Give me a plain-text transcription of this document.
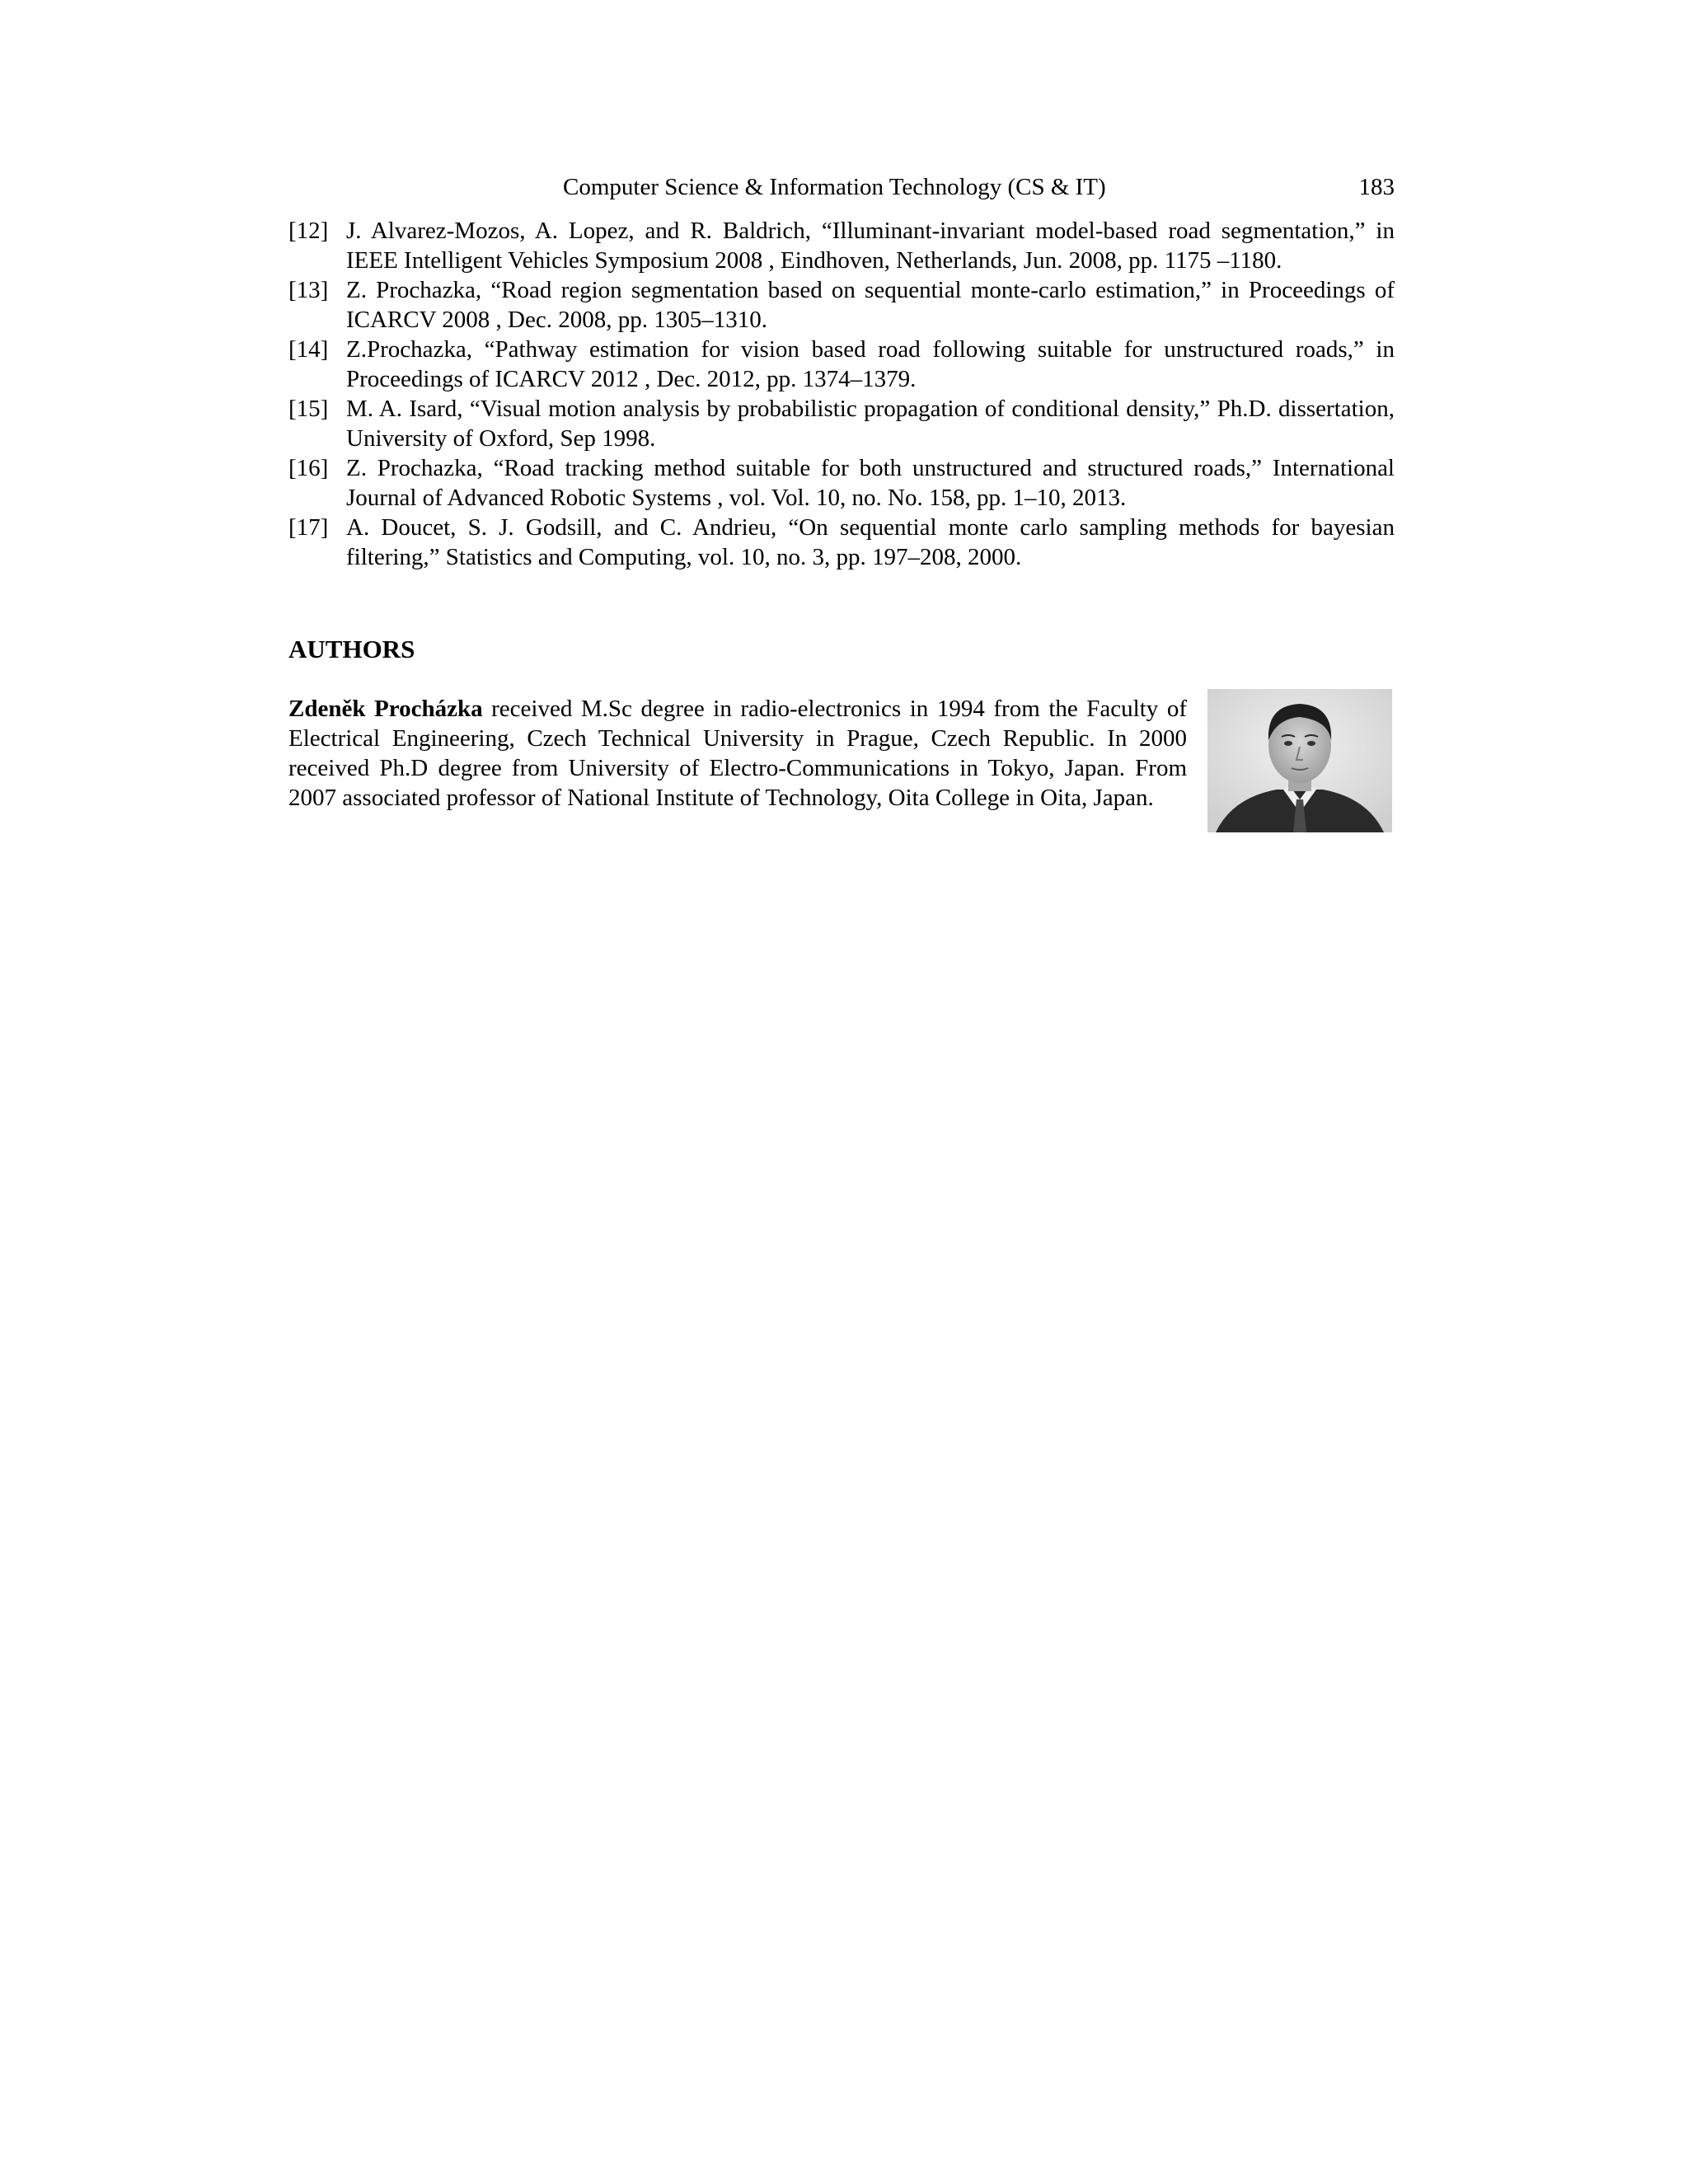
Computer Science & Information Technology (CS & IT)	183
[12] J. Alvarez-Mozos, A. Lopez, and R. Baldrich, “Illuminant-invariant model-based road segmentation,” in IEEE Intelligent Vehicles Symposium 2008 , Eindhoven, Netherlands, Jun. 2008, pp. 1175 –1180.
[13] Z. Prochazka, “Road region segmentation based on sequential monte-carlo estimation,” in Proceedings of ICARCV 2008 , Dec. 2008, pp. 1305–1310.
[14] Z.Prochazka, “Pathway estimation for vision based road following suitable for unstructured roads,” in Proceedings of ICARCV 2012 , Dec. 2012, pp. 1374–1379.
[15] M. A. Isard, “Visual motion analysis by probabilistic propagation of conditional density,” Ph.D. dissertation, University of Oxford, Sep 1998.
[16] Z. Prochazka, “Road tracking method suitable for both unstructured and structured roads,” International Journal of Advanced Robotic Systems , vol. Vol. 10, no. No. 158, pp. 1–10, 2013.
[17] A. Doucet, S. J. Godsill, and C. Andrieu, “On sequential monte carlo sampling methods for bayesian filtering,” Statistics and Computing, vol. 10, no. 3, pp. 197–208, 2000.
AUTHORS
Zdeněk Procházka received M.Sc degree in radio-electronics in 1994 from the Faculty of Electrical Engineering, Czech Technical University in Prague, Czech Republic. In 2000 received Ph.D degree from University of Electro-Communications in Tokyo, Japan. From 2007 associated professor of National Institute of Technology, Oita College in Oita, Japan.
